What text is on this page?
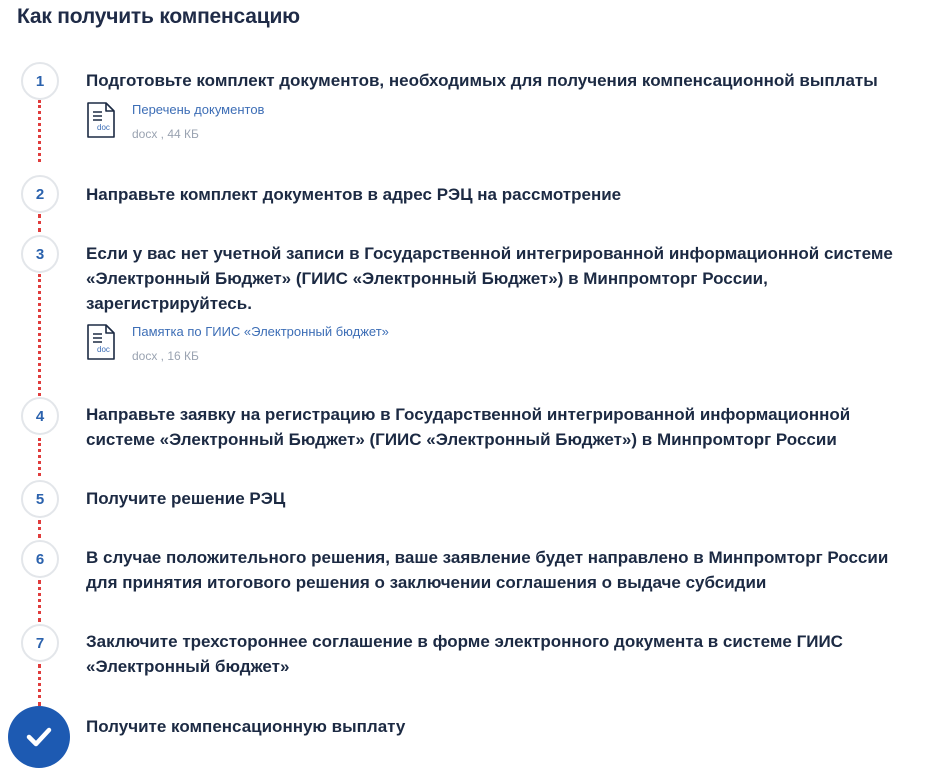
Как получить компенсацию
1 Подготовьте комплект документов, необходимых для получения компенсационной выплаты
doc
Перечень документов
docx , 44 КБ
2 Направьте комплект документов в адрес РЭЦ на рассмотрение
3 Если у вас нет учетной записи в Государственной интегрированной информационной системе «Электронный Бюджет» (ГИИС «Электронный Бюджет») в Минпромторг России, зарегистрируйтесь.
doc
Памятка по ГИИС «Электронный бюджет»
docx , 16 КБ
4 Направьте заявку на регистрацию в Государственной интегрированной информационной системе «Электронный Бюджет» (ГИИС «Электронный Бюджет») в Минпромторг России
5 Получите решение РЭЦ
6 В случае положительного решения, ваше заявление будет направлено в Минпромторг России для принятия итогового решения о заключении соглашения о выдаче субсидии
7 Заключите трехстороннее соглашение в форме электронного документа в системе ГИИС «Электронный бюджет»
Получите компенсационную выплату
